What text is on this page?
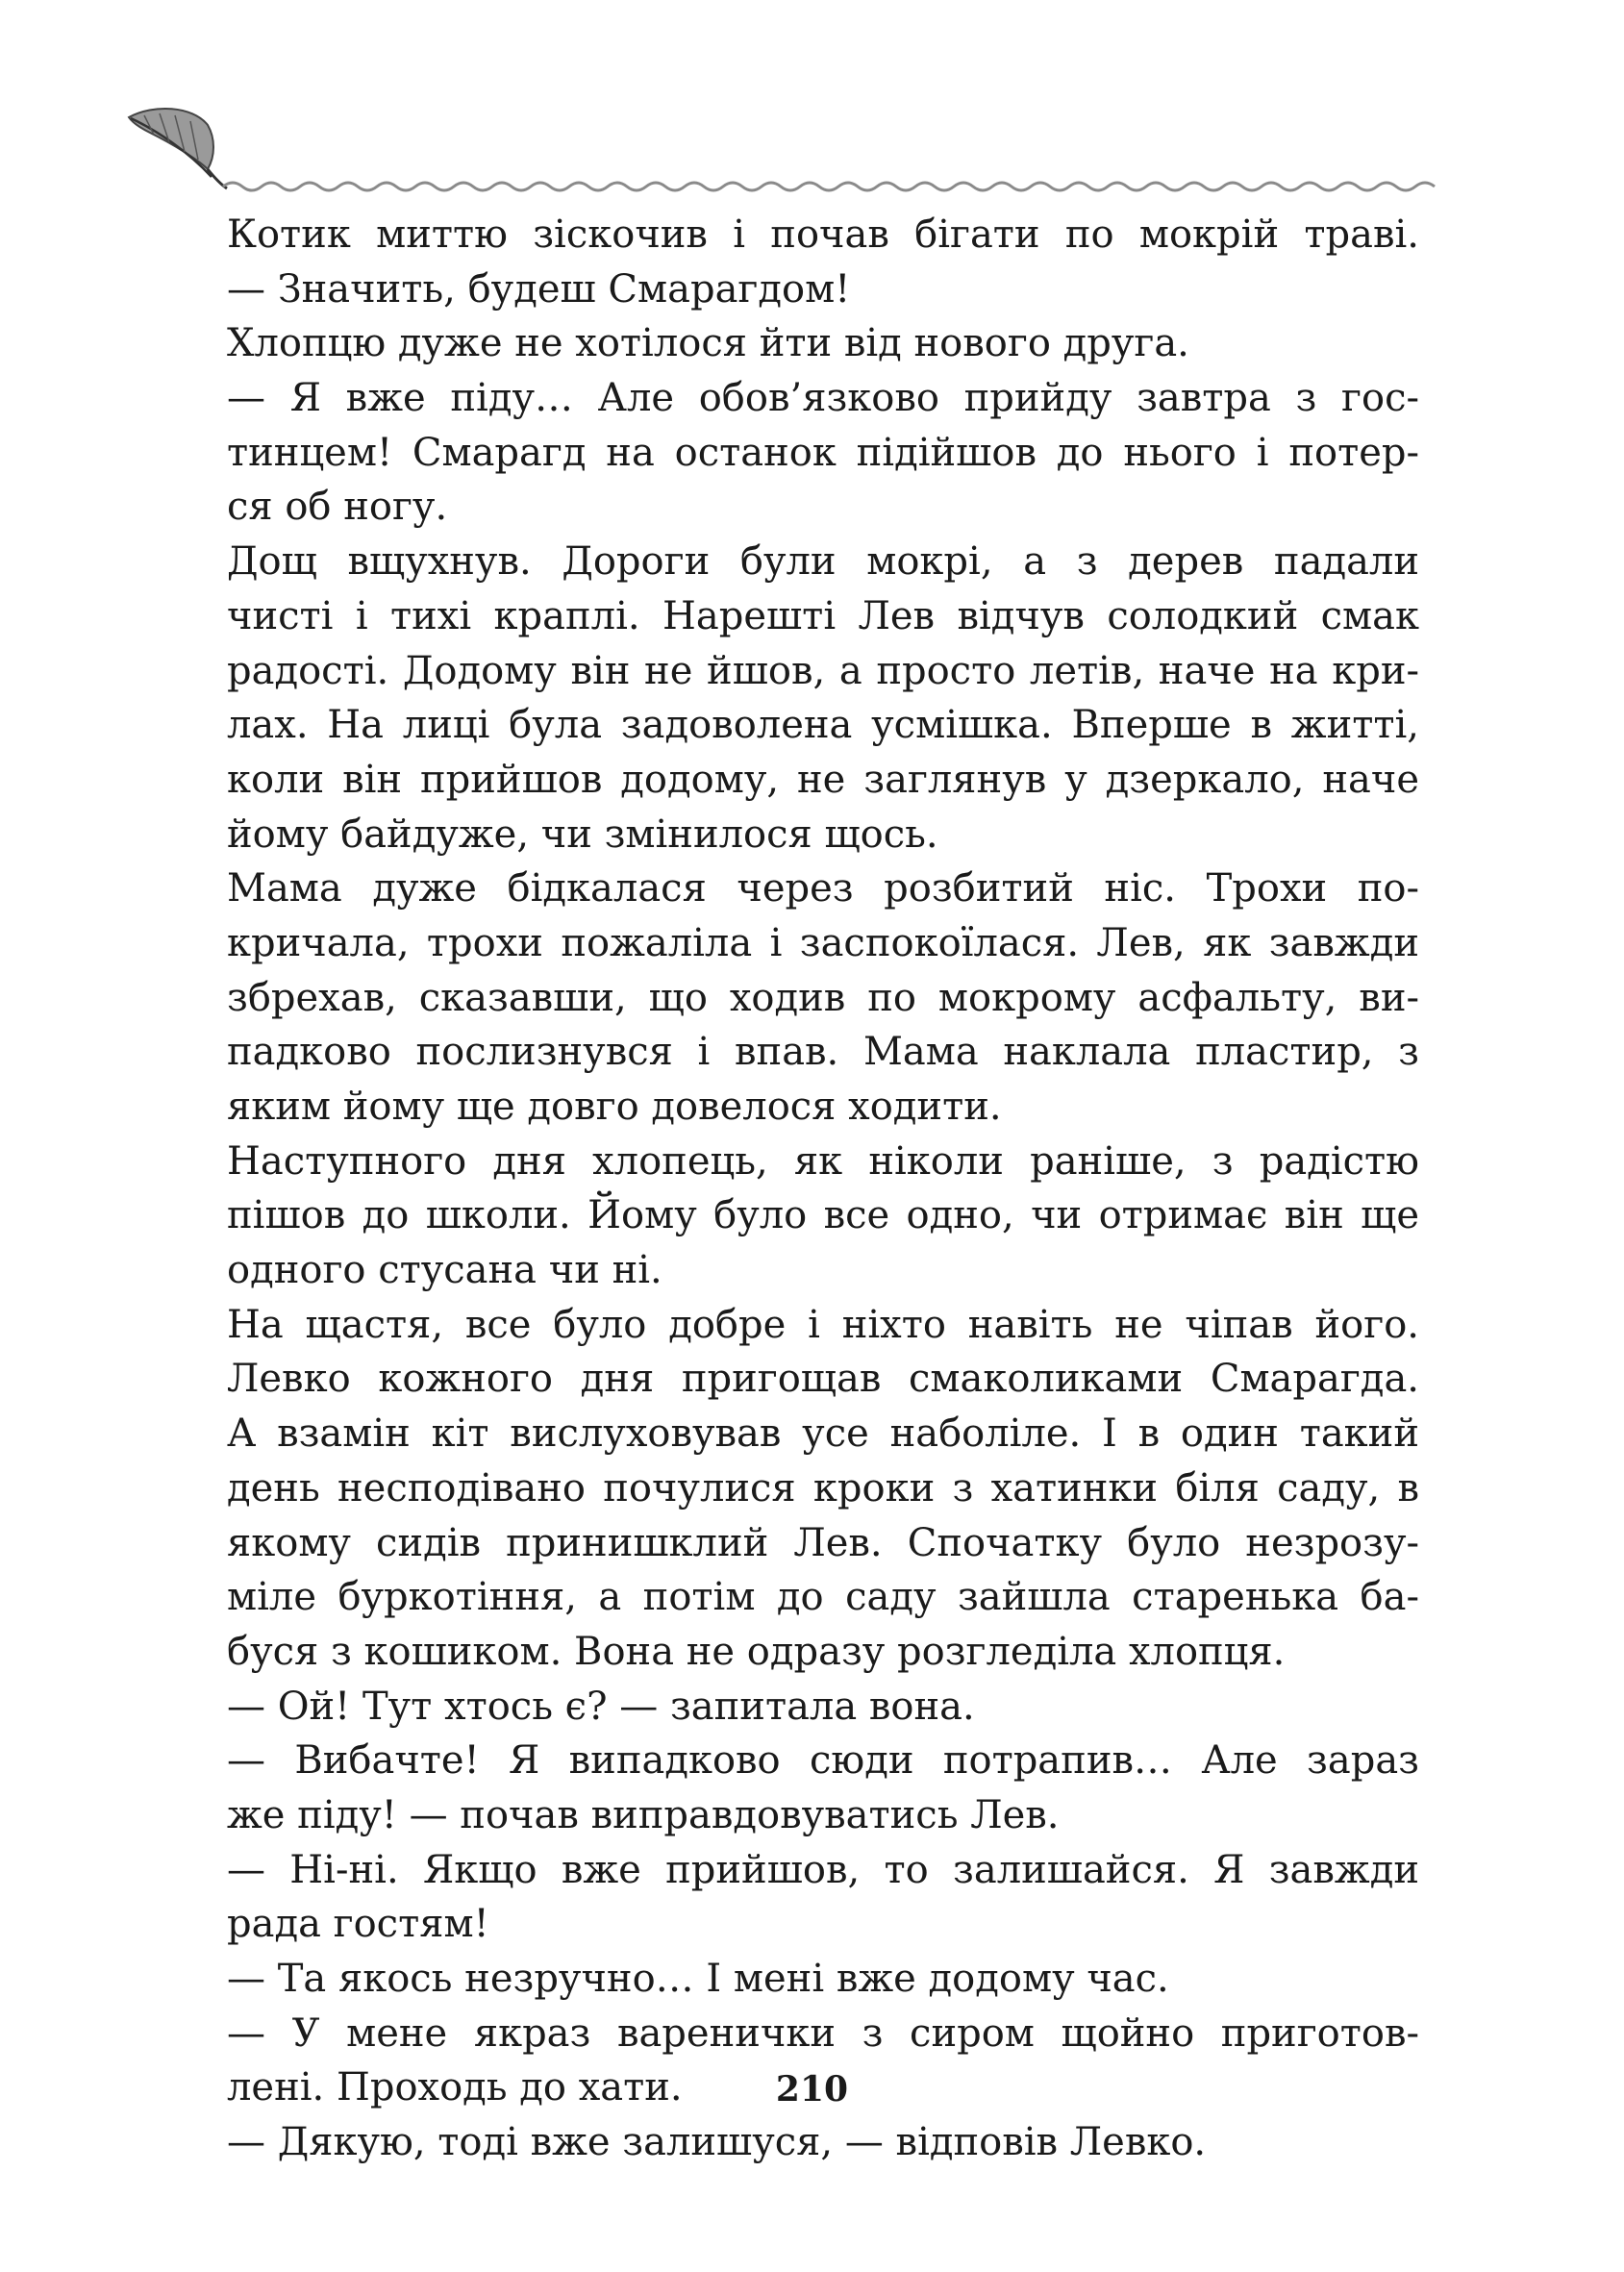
Котик миттю зіскочив і почав бігати по мокрій траві.
— Значить, будеш Смарагдом!
Хлопцю дуже не хотілося йти від нового друга.
— Я вже піду… Але обов’язково прийду завтра з гос-
тинцем! Смарагд на останок підійшов до нього і потер-
ся об ногу.
Дощ вщухнув. Дороги були мокрі, а з дерев падали
чисті і тихі краплі. Нарешті Лев відчув солодкий смак
радості. Додому він не йшов, а просто летів, наче на кри-
лах. На лиці була задоволена усмішка. Вперше в житті,
коли він прийшов додому, не заглянув у дзеркало, наче
йому байдуже, чи змінилося щось.
Мама дуже бідкалася через розбитий ніс. Трохи по-
кричала, трохи пожаліла і заспокоїлася. Лев, як завжди
збрехав, сказавши, що ходив по мокрому асфальту, ви-
падково послизнувся і впав. Мама наклала пластир, з
яким йому ще довго довелося ходити.
Наступного дня хлопець, як ніколи раніше, з радістю
пішов до школи. Йому було все одно, чи отримає він ще
одного стусана чи ні.
На щастя, все було добре і ніхто навіть не чіпав його.
Левко кожного дня пригощав смаколиками Смарагда.
А взамін кіт вислуховував усе наболіле. І в один такий
день несподівано почулися кроки з хатинки біля саду, в
якому сидів принишклий Лев. Спочатку було незрозу-
міле буркотіння, а потім до саду зайшла старенька ба-
буся з кошиком. Вона не одразу розгледіла хлопця.
— Ой! Тут хтось є? — запитала вона.
— Вибачте! Я випадково сюди потрапив… Але зараз
же піду! — почав виправдовуватись Лев.
— Ні-ні. Якщо вже прийшов, то залишайся. Я завжди
рада гостям!
— Та якось незручно… І мені вже додому час.
— У мене якраз варенички з сиром щойно приготов-
лені. Проходь до хати.
— Дякую, тоді вже залишуся, — відповів Левко.
210
